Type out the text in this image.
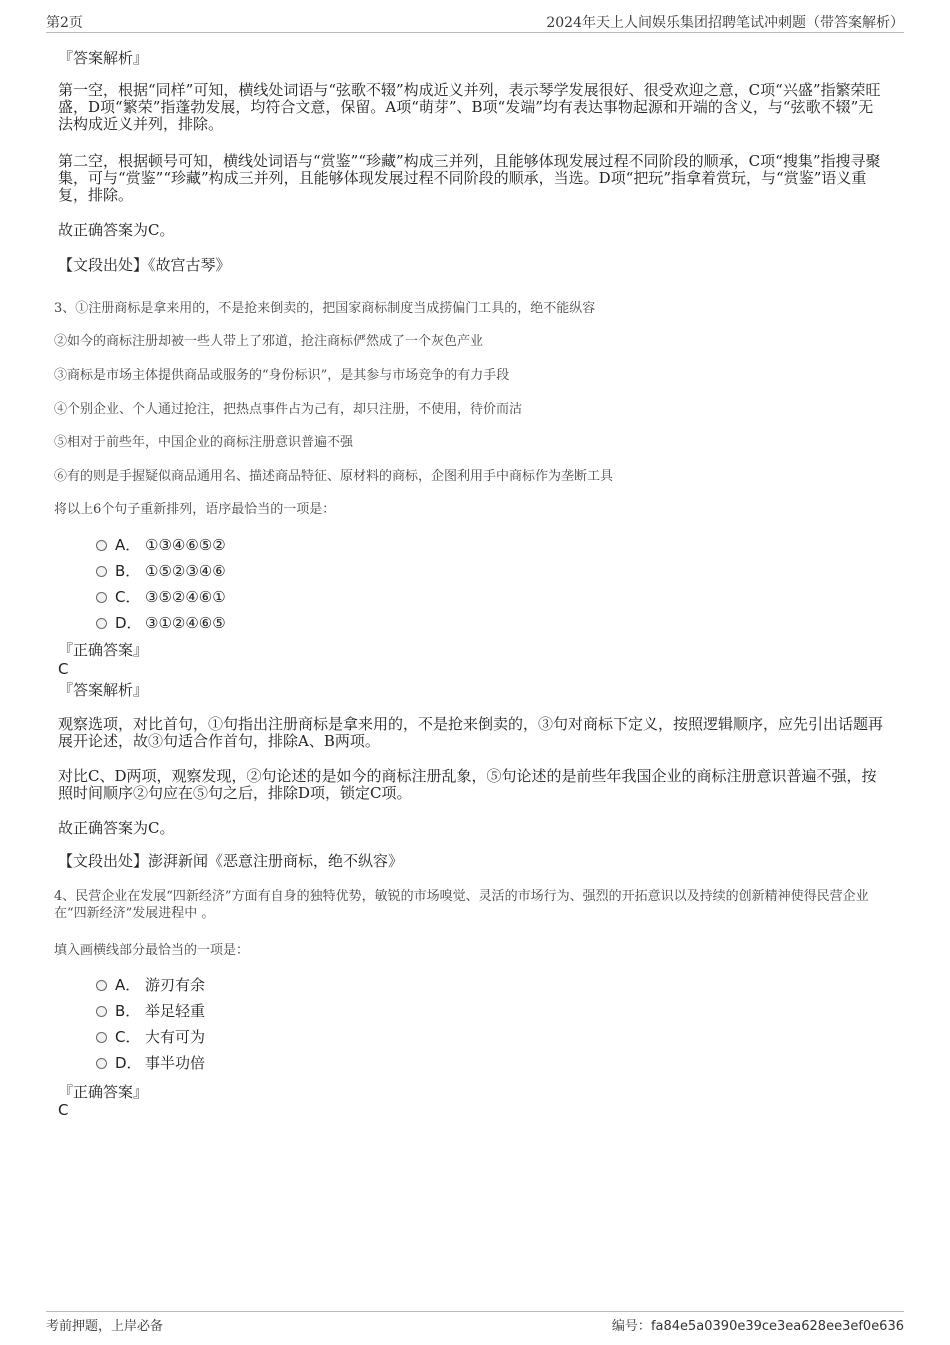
第2页	2024年天上人间娱乐集团招聘笔试冲刺题（带答案解析）
『答案解析』
第一空，根据“同样”可知，横线处词语与“弦歌不辍”构成近义并列，表示琴学发展很好、很受欢迎之意，C项“兴盛”指繁荣旺盛，D项“繁荣”指蓬勃发展，均符合文意，保留。A项“萌芽”、B项“发端”均有表达事物起源和开端的含义，与“弦歌不辍”无法构成近义并列，排除。
第二空，根据顿号可知，横线处词语与“赏鉴”“珍藏”构成三并列，且能够体现发展过程不同阶段的顺承，C项“搜集”指搜寻聚集，可与“赏鉴”“珍藏”构成三并列，且能够体现发展过程不同阶段的顺承，当选。D项“把玩”指拿着赏玩，与“赏鉴”语义重复，排除。
故正确答案为C。
【文段出处】《故宫古琴》
3、①注册商标是拿来用的，不是抢来倒卖的，把国家商标制度当成捞偏门工具的，绝不能纵容
②如今的商标注册却被一些人带上了邪道，抢注商标俨然成了一个灰色产业
③商标是市场主体提供商品或服务的“身份标识”，是其参与市场竞争的有力手段
④个别企业、个人通过抢注，把热点事件占为己有，却只注册，不使用，待价而沽
⑤相对于前些年，中国企业的商标注册意识普遍不强
⑥有的则是手握疑似商品通用名、描述商品特征、原材料的商标，企图利用手中商标作为垄断工具
将以上6个句子重新排列，语序最恰当的一项是：
A． ①③④⑥⑤②
B． ①⑤②③④⑥
C． ③⑤②④⑥①
D． ③①②④⑥⑤
『正确答案』
C
『答案解析』
观察选项，对比首句，①句指出注册商标是拿来用的，不是抢来倒卖的，③句对商标下定义，按照逻辑顺序，应先引出话题再展开论述，故③句适合作首句，排除A、B两项。
对比C、D两项，观察发现，②句论述的是如今的商标注册乱象，⑤句论述的是前些年我国企业的商标注册意识普遍不强，按照时间顺序②句应在⑤句之后，排除D项，锁定C项。
故正确答案为C。
【文段出处】澎湃新闻《恶意注册商标，绝不纵容》
4、民营企业在发展“四新经济”方面有自身的独特优势，敏锐的市场嗅觉、灵活的市场行为、强烈的开拓意识以及持续的创新精神使得民营企业在“四新经济”发展进程中 。
填入画横线部分最恰当的一项是：
A． 游刃有余
B． 举足轻重
C． 大有可为
D． 事半功倍
『正确答案』
C
考前押题，上岸必备	编号：fa84e5a0390e39ce3ea628ee3ef0e636
